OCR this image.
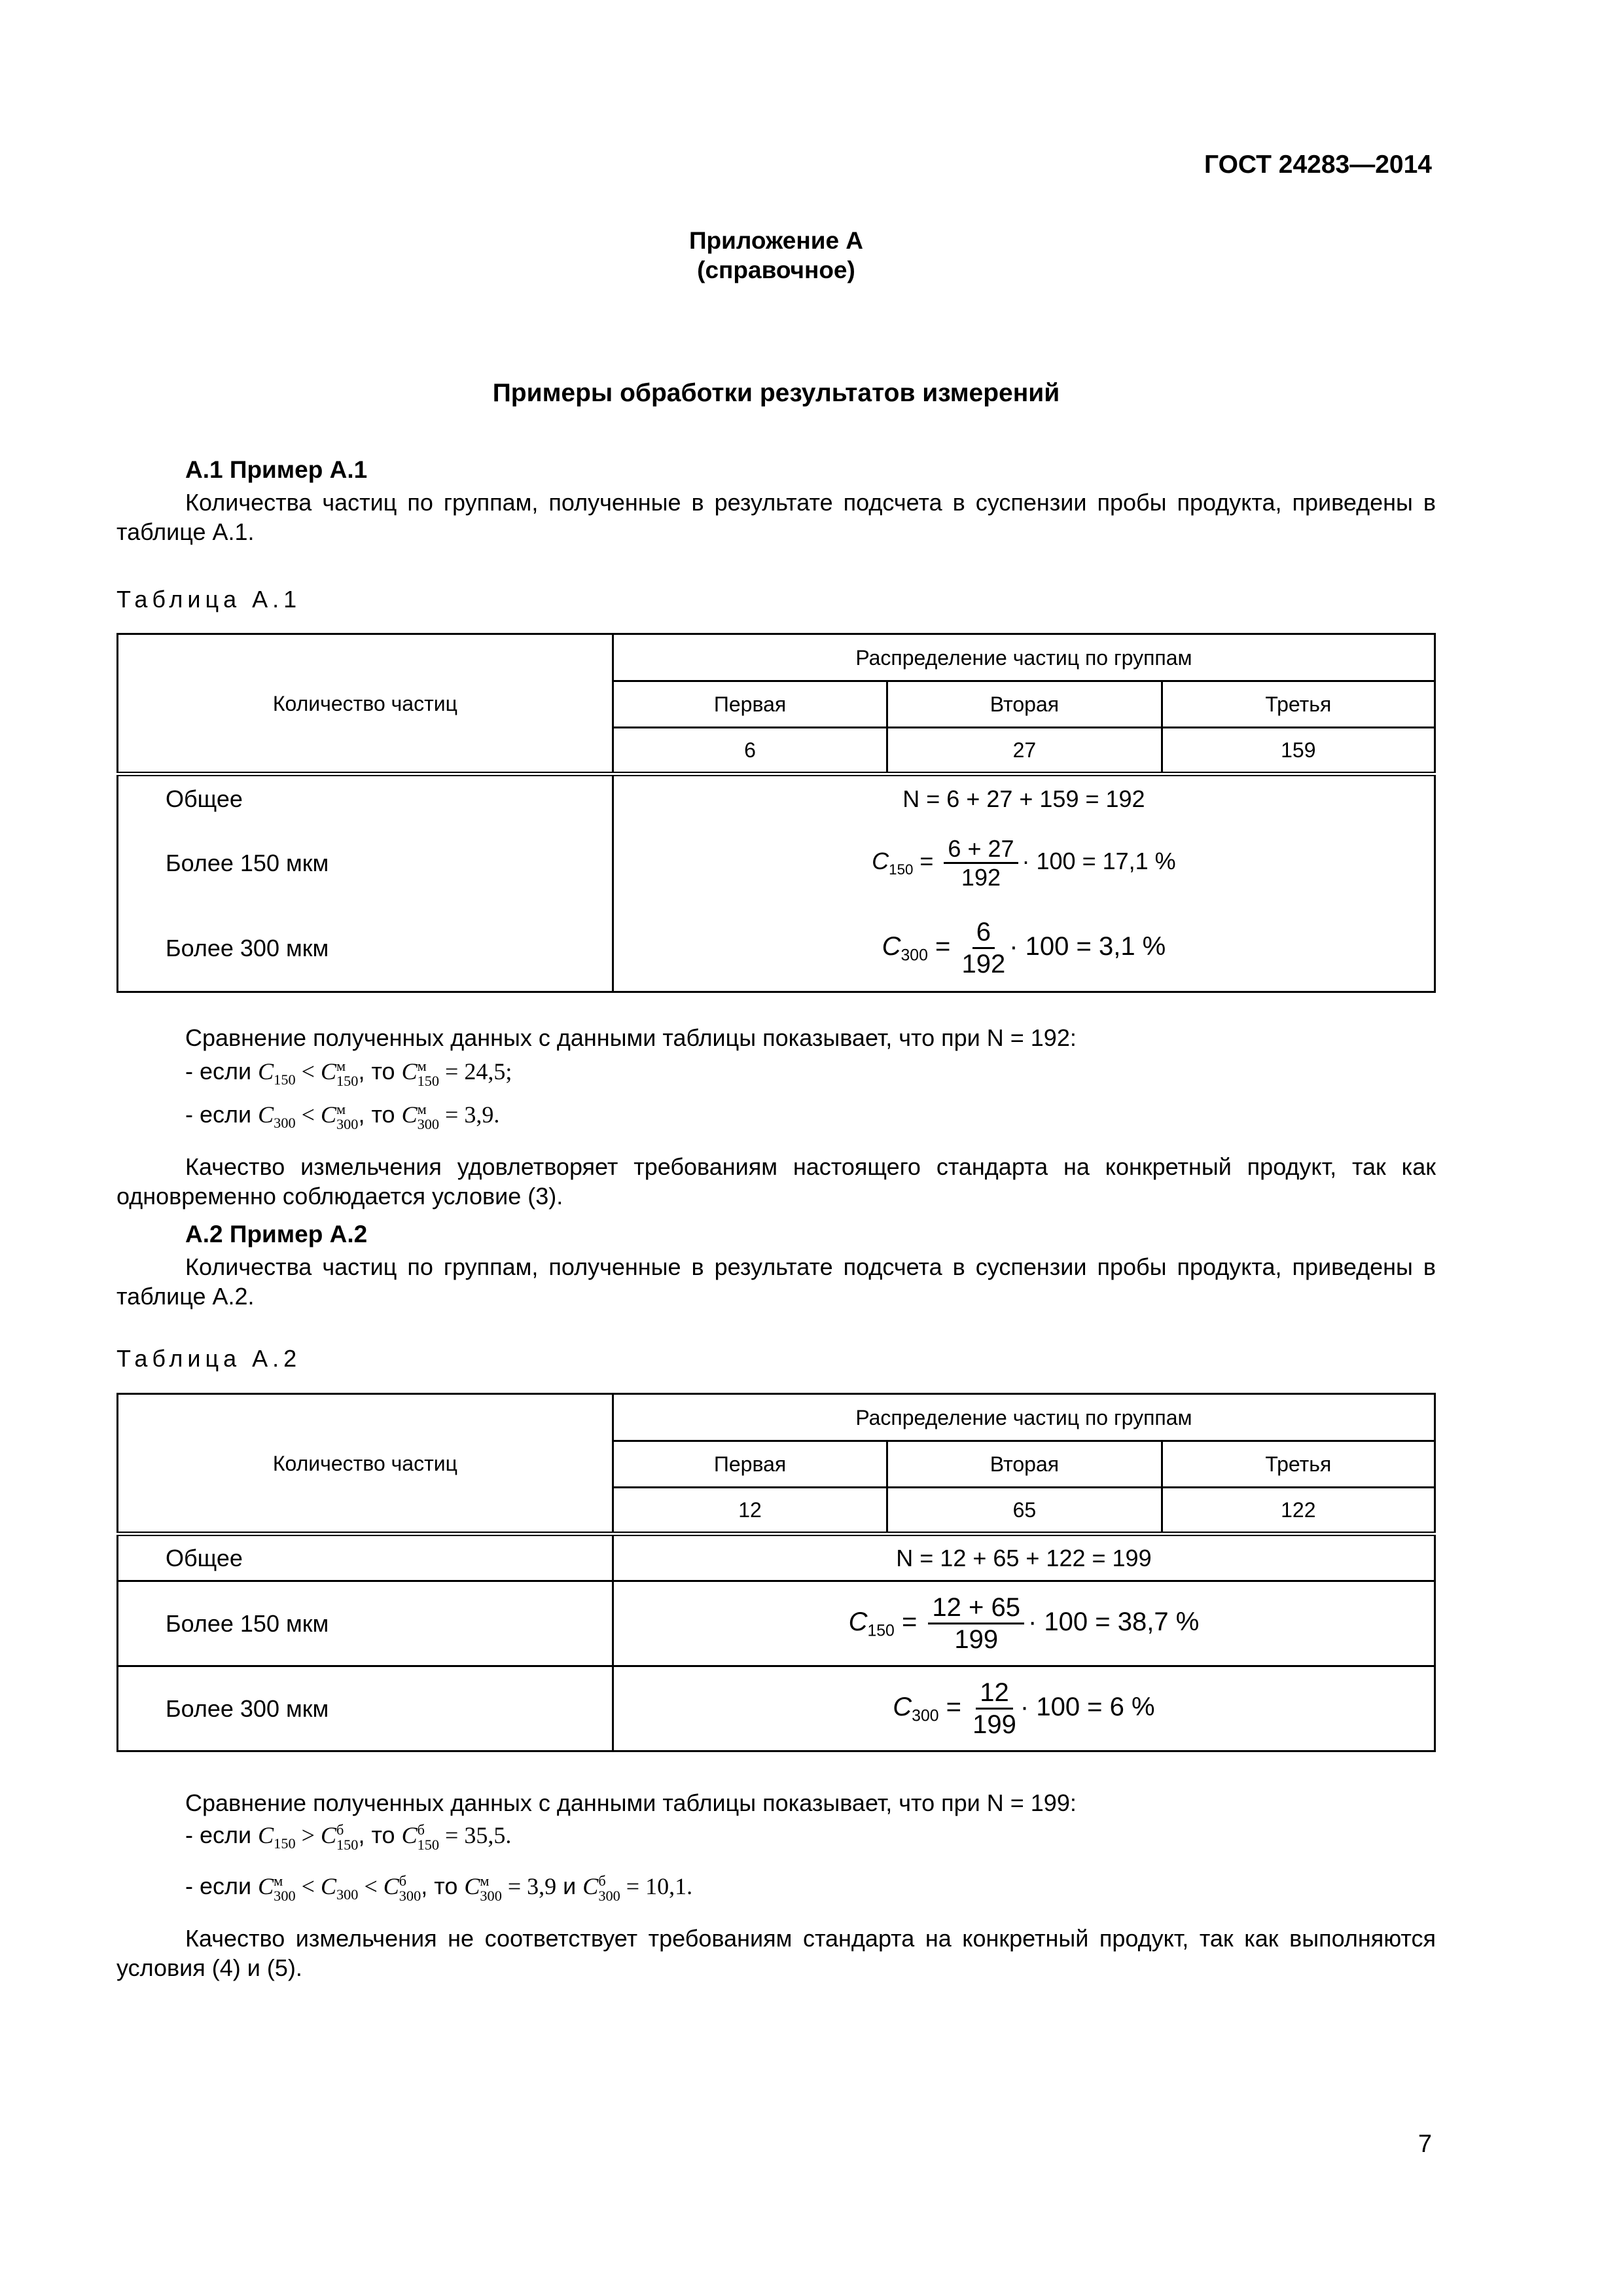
ГОСТ 24283—2014
Приложение А
(справочное)
Примеры обработки результатов измерений
А.1 Пример А.1

Количества частиц по группам, полученные в результате подсчета в суспензии пробы продукта, приведены в таблице А.1.

Таблица А.1
Количество частиц	Распределение частиц по группам		
	Первая	Вторая	Третья
	6	27	159
Общее	N = 6 + 27 + 159 = 192		
Более 150 мкм	$C_{150} = \frac{6 + 27}{192} \cdot 100 = 17,1$ %		
Более 300 мкм	$C_{300} = \frac{6}{192} \cdot 100 = 3,1$ %		
Сравнение полученных данных с данными таблицы показывает, что при N = 192:
- если $C_{150} < C$ м
150 , то C м
150 = 24,5;
- если $C_{300} < C$ м
300 , то C м
300 = 3,9.

Качество измельчения удовлетворяет требованиям настоящего стандарта на конкретный продукт, так как одновременно соблюдается условие (3).

А.2 Пример А.2

Количества частиц по группам, полученные в результате подсчета в суспензии пробы продукта, приведены в таблице А.2.

Таблица А.2
Количество частиц	Распределение частиц по группам		
	Первая	Вторая	Третья
	12	65	122
Общее	N = 12 + 65 + 122 = 199		
Более 150 мкм	$C_{150} = \frac{12 + 65}{199} \cdot 100 = 38,7$ %		
Более 300 мкм	$C_{300} = \frac{12}{199} \cdot 100 = 6$ %		
Сравнение полученных данных с данными таблицы показывает, что при N = 199:
- если $C_{150} > C$ б
150 , то C б
150 = 35,5.
- если C м
$300 < C_{300} < C$ б
300 , то C м
300 = 3,9 и C б
300 = 10,1.

Качество измельчения не соответствует требованиям стандарта на конкретный продукт, так как выполняются условия (4) и (5).

7
